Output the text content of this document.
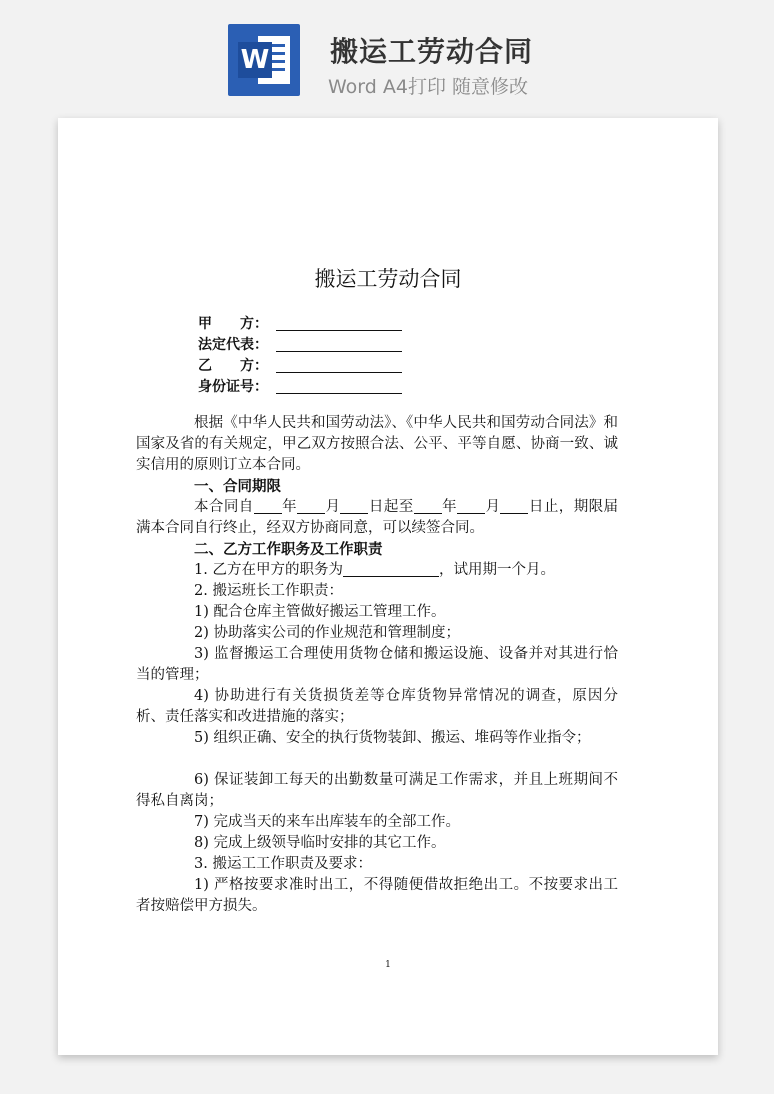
W 搬运工劳动合同
Word A4打印 随意修改
搬运工劳动合同
甲　　方：
法定代表：
乙　　方：
身份证号：

根据《中华人民共和国劳动法》、《中华人民共和国劳动合同法》和国家及省的有关规定，甲乙双方按照合法、公平、平等自愿、协商一致、诚实信用的原则订立本合同。

一、合同期限

本合同自 年 月 日起至 年 月 日止，期限届满本合同自行终止，经双方协商同意，可以续签合同。

二、乙方工作职务及工作职责

1. 乙方在甲方的职务为	，试用期一个月。

2. 搬运班长工作职责：

1) 配合仓库主管做好搬运工管理工作。

2) 协助落实公司的作业规范和管理制度；

3) 监督搬运工合理使用货物仓储和搬运设施、设备并对其进行恰当的管理；

4) 协助进行有关货损货差等仓库货物异常情况的调查，原因分析、责任落实和改进措施的落实；

5) 组织正确、安全的执行货物装卸、搬运、堆码等作业指令；

6) 保证装卸工每天的出勤数量可满足工作需求，并且上班期间不得私自离岗；

7) 完成当天的来车出库装车的全部工作。

8) 完成上级领导临时安排的其它工作。

3. 搬运工工作职责及要求：

1) 严格按要求准时出工，不得随便借故拒绝出工。不按要求出工者按赔偿甲方损失。

1
